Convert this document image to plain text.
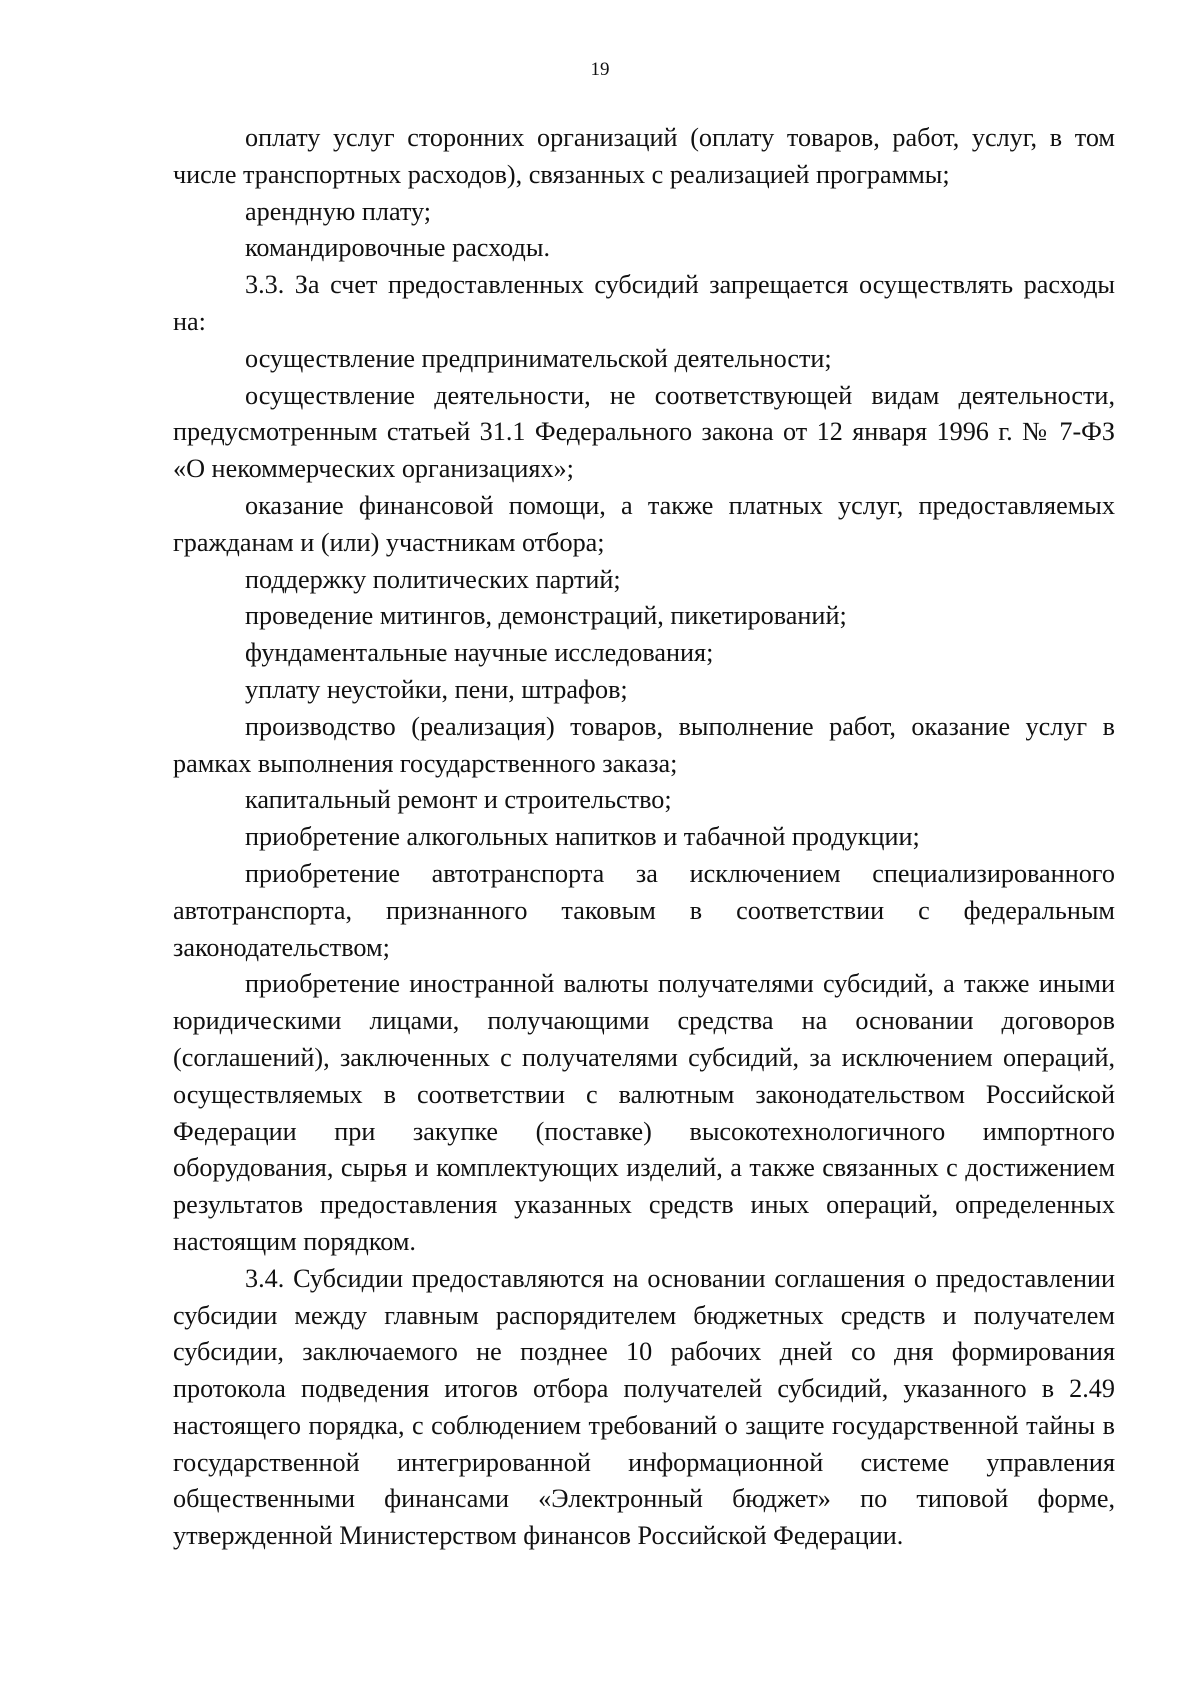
19

оплату услуг сторонних организаций (оплату товаров, работ, услуг, в том числе транспортных расходов), связанных с реализацией программы;

арендную плату;

командировочные расходы.

3.3. За счет предоставленных субсидий запрещается осуществлять расходы на:

осуществление предпринимательской деятельности;

осуществление деятельности, не соответствующей видам деятельности, предусмотренным статьей 31.1 Федерального закона от 12 января 1996 г. № 7-ФЗ «О некоммерческих организациях»;

оказание финансовой помощи, а также платных услуг, предоставляемых гражданам и (или) участникам отбора;

поддержку политических партий;

проведение митингов, демонстраций, пикетирований;

фундаментальные научные исследования;

уплату неустойки, пени, штрафов;

производство (реализация) товаров, выполнение работ, оказание услуг в рамках выполнения государственного заказа;

капитальный ремонт и строительство;

приобретение алкогольных напитков и табачной продукции;

приобретение автотранспорта за исключением специализированного автотранспорта, признанного таковым в соответствии с федеральным законодательством;

приобретение иностранной валюты получателями субсидий, а также иными юридическими лицами, получающими средства на основании договоров (соглашений), заключенных с получателями субсидий, за исключением операций, осуществляемых в соответствии с валютным законодательством Российской Федерации при закупке (поставке) высокотехнологичного импортного оборудования, сырья и комплектующих изделий, а также связанных с достижением результатов предоставления указанных средств иных операций, определенных настоящим порядком.

3.4. Субсидии предоставляются на основании соглашения о предоставлении субсидии между главным распорядителем бюджетных средств и получателем субсидии, заключаемого не позднее 10 рабочих дней со дня формирования протокола подведения итогов отбора получателей субсидий, указанного в 2.49 настоящего порядка, с соблюдением требований о защите государственной тайны в государственной интегрированной информационной системе управления общественными финансами «Электронный бюджет» по типовой форме, утвержденной Министерством финансов Российской Федерации.
